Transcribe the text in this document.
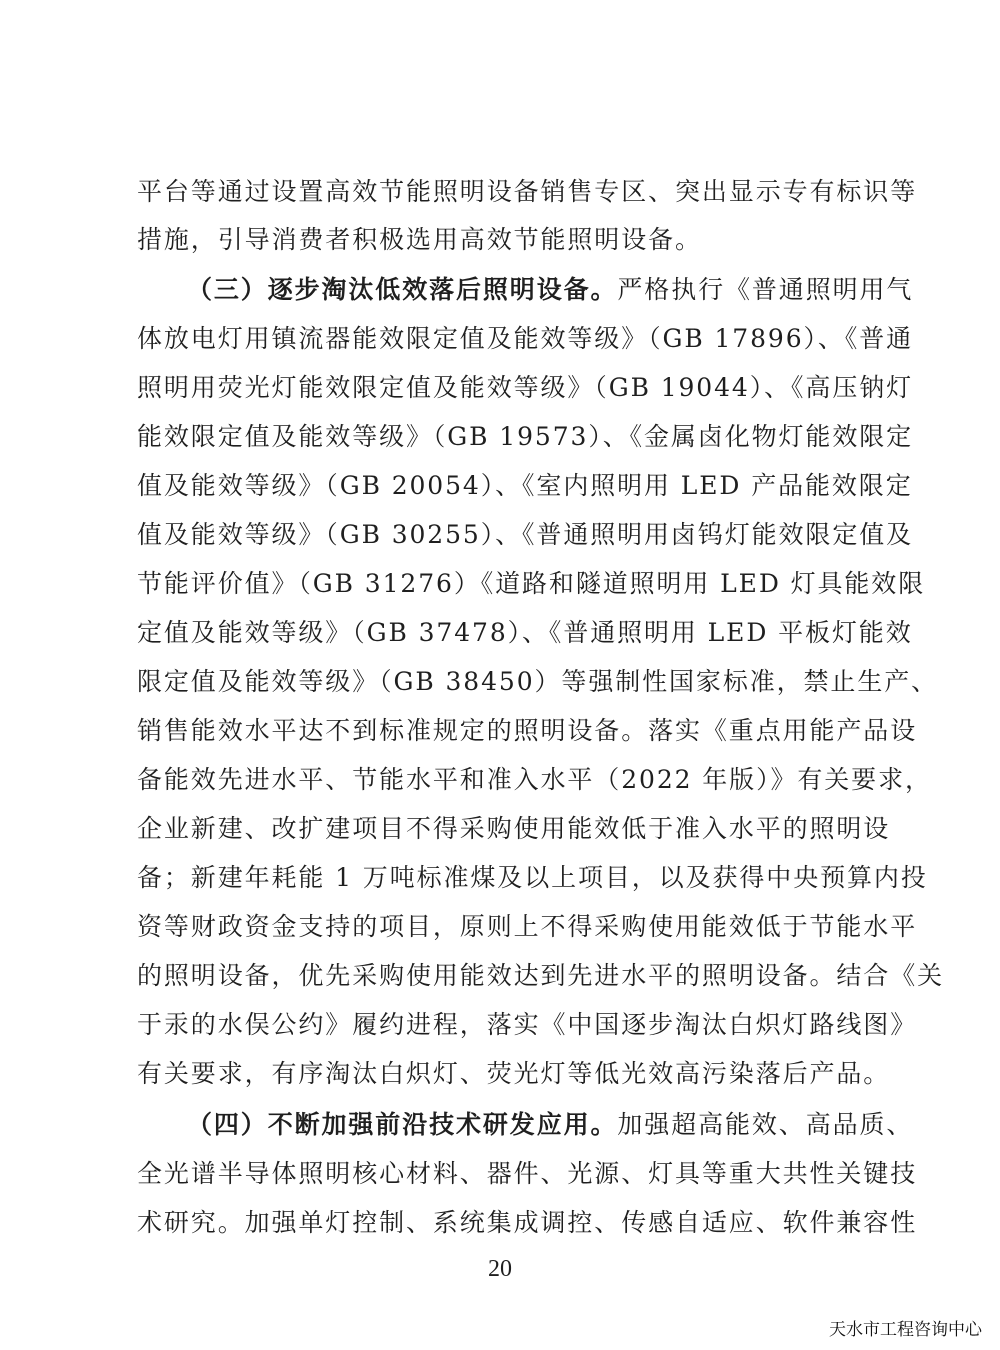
平台等通过设置高效节能照明设备销售专区、突出显示专有标识等
措施，引导消费者积极选用高效节能照明设备。
（三）逐步淘汰低效落后照明设备。严格执行《普通照明用气
体放电灯用镇流器能效限定值及能效等级》（GB 17896）、《普通
照明用荧光灯能效限定值及能效等级》（GB 19044）、《高压钠灯
能效限定值及能效等级》（GB 19573）、《金属卤化物灯能效限定
值及能效等级》（GB 20054）、《室内照明用 LED 产品能效限定
值及能效等级》（GB 30255）、《普通照明用卤钨灯能效限定值及
节能评价值》（GB 31276）《道路和隧道照明用 LED 灯具能效限
定值及能效等级》（GB 37478）、《普通照明用 LED 平板灯能效
限定值及能效等级》（GB 38450）等强制性国家标准，禁止生产、
销售能效水平达不到标准规定的照明设备。落实《重点用能产品设
备能效先进水平、节能水平和准入水平（2022 年版）》有关要求，
企业新建、改扩建项目不得采购使用能效低于准入水平的照明设
备；新建年耗能 1 万吨标准煤及以上项目，以及获得中央预算内投
资等财政资金支持的项目，原则上不得采购使用能效低于节能水平
的照明设备，优先采购使用能效达到先进水平的照明设备。结合《关
于汞的水俣公约》履约进程，落实《中国逐步淘汰白炽灯路线图》
有关要求，有序淘汰白炽灯、荧光灯等低光效高污染落后产品。
（四）不断加强前沿技术研发应用。加强超高能效、高品质、
全光谱半导体照明核心材料、器件、光源、灯具等重大共性关键技
术研究。加强单灯控制、系统集成调控、传感自适应、软件兼容性
20
天水市工程咨询中心
